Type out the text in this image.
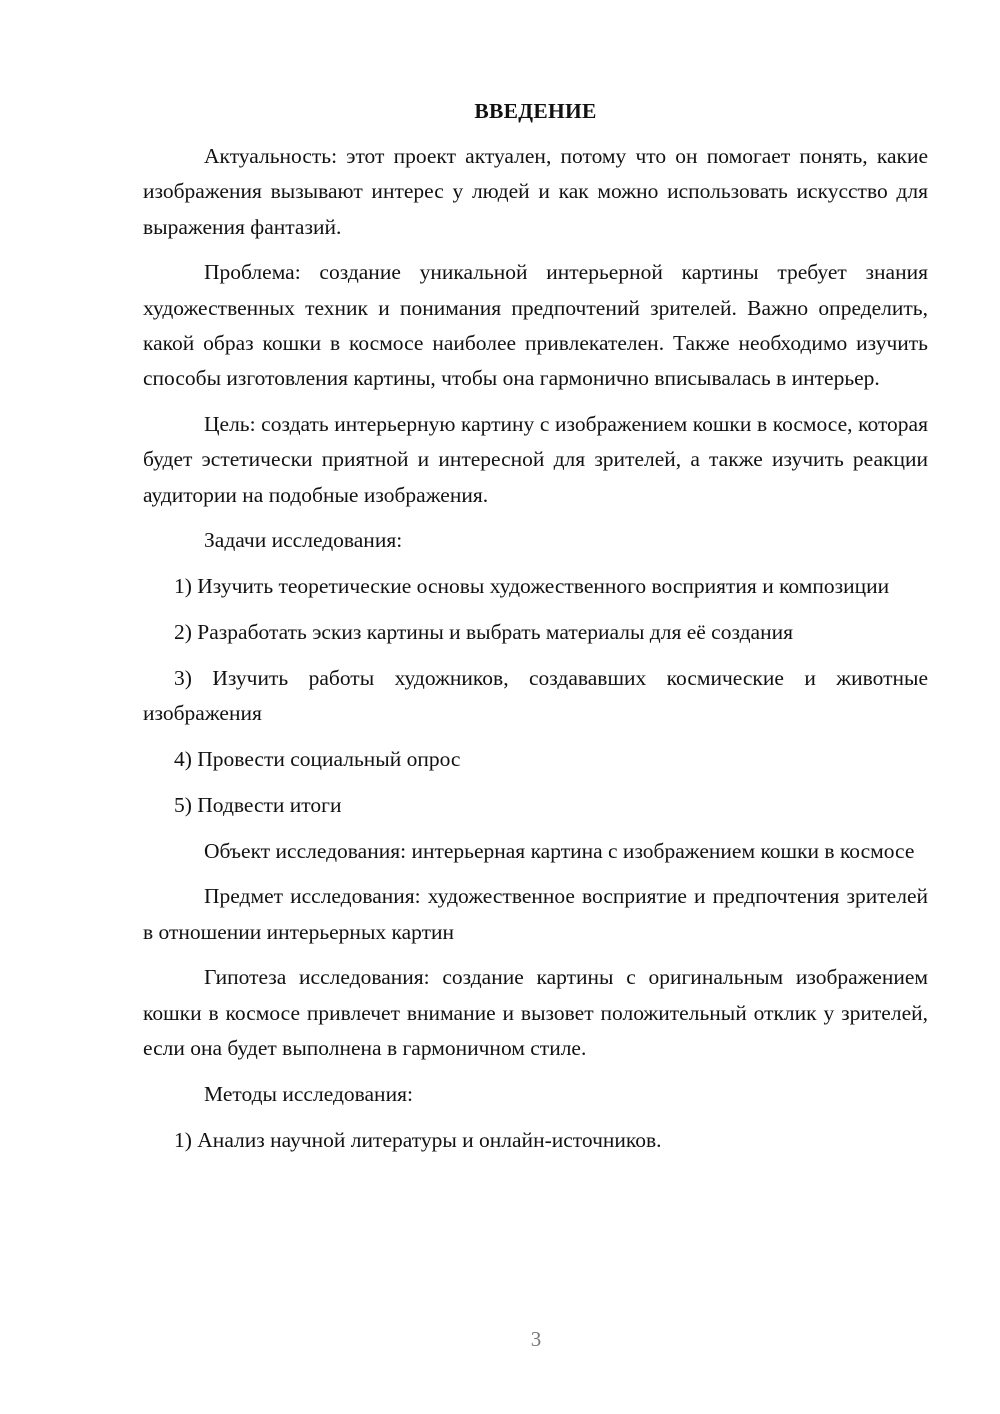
ВВЕДЕНИЕ

Актуальность: этот проект актуален, потому что он помогает понять, какие изображения вызывают интерес у людей и как можно использовать искусство для выражения фантазий.

Проблема: создание уникальной интерьерной картины требует знания художественных техник и понимания предпочтений зрителей. Важно определить, какой образ кошки в космосе наиболее привлекателен. Также необходимо изучить способы изготовления картины, чтобы она гармонично вписывалась в интерьер.

Цель: создать интерьерную картину с изображением кошки в космосе, которая будет эстетически приятной и интересной для зрителей, а также изучить реакции аудитории на подобные изображения.

Задачи исследования:

1) Изучить теоретические основы художественного восприятия и композиции

2) Разработать эскиз картины и выбрать материалы для её создания

3) Изучить работы художников, создававших космические и животные изображения

4) Провести социальный опрос

5) Подвести итоги

Объект исследования: интерьерная картина с изображением кошки в космосе

Предмет исследования: художественное восприятие и предпочтения зрителей в отношении интерьерных картин

Гипотеза исследования: создание картины с оригинальным изображением кошки в космосе привлечет внимание и вызовет положительный отклик у зрителей, если она будет выполнена в гармоничном стиле.

Методы исследования:

1) Анализ научной литературы и онлайн-источников.

3
